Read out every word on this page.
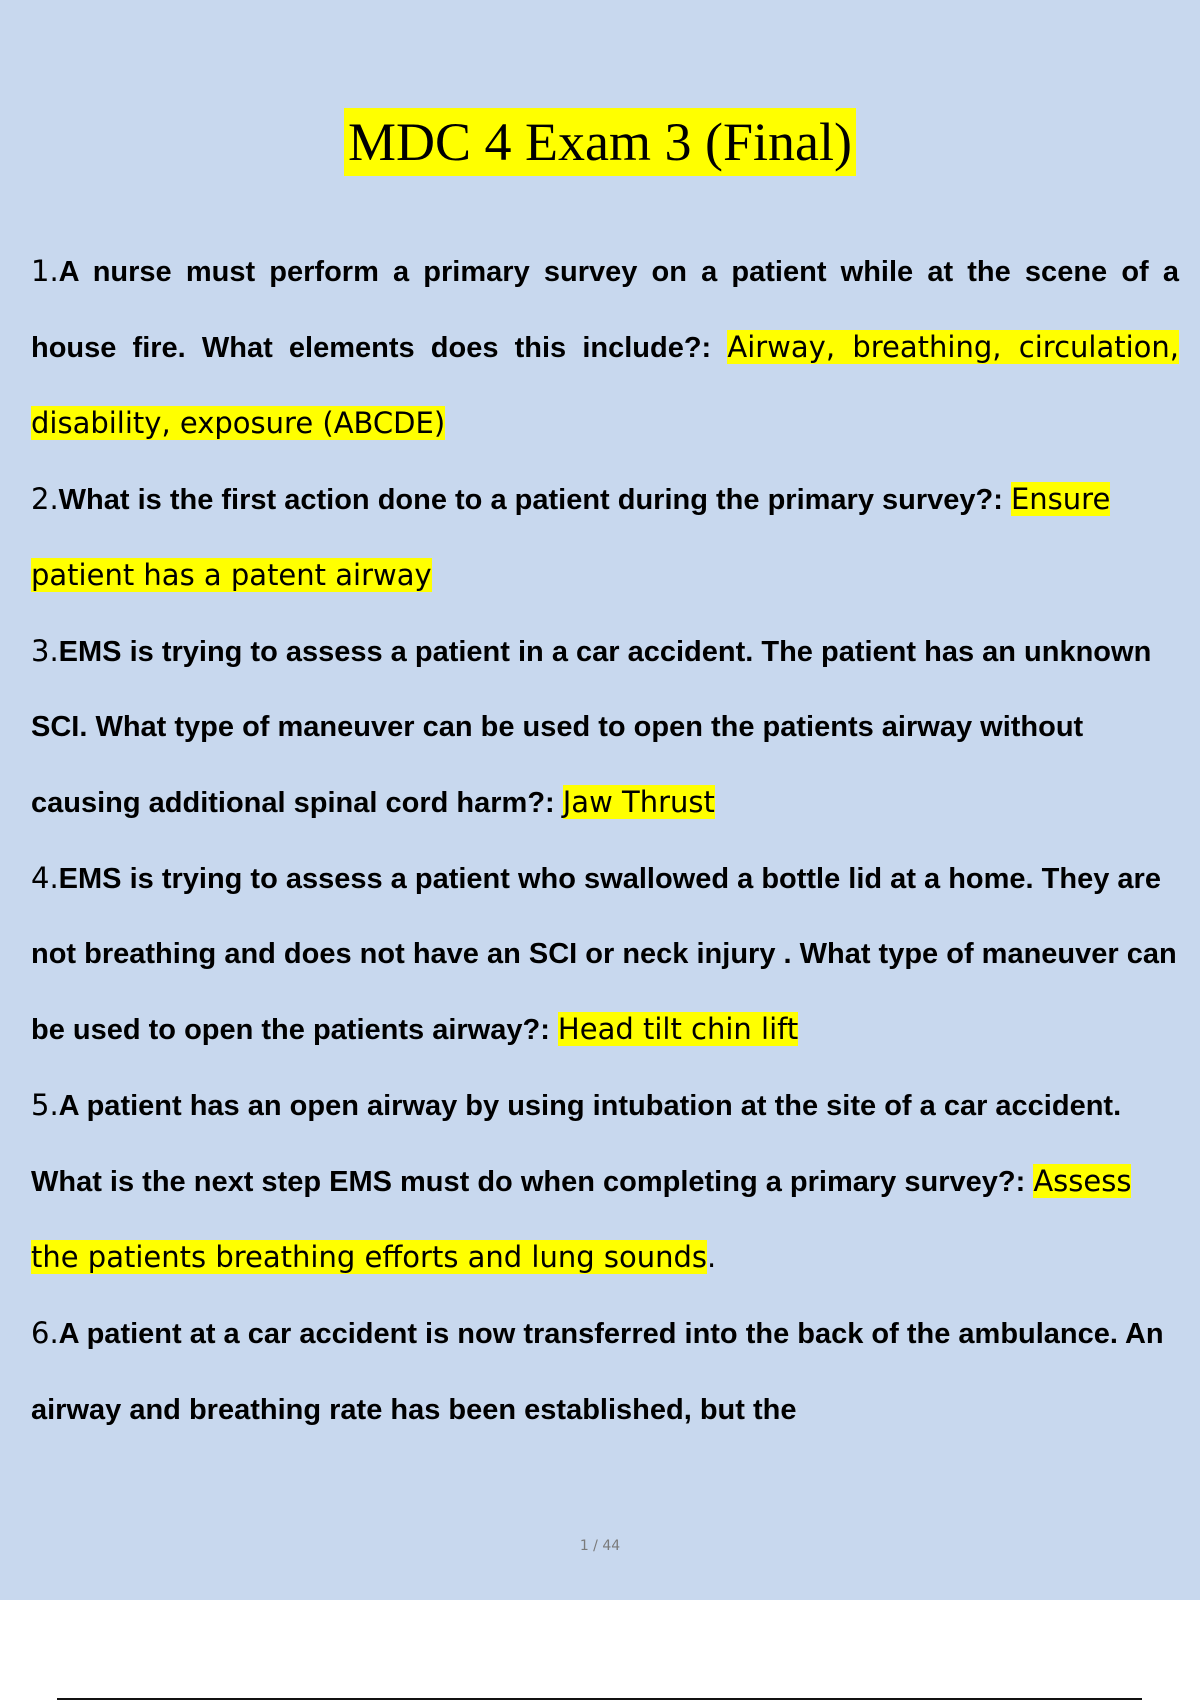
MDC 4 Exam 3 (Final)

1.A nurse must perform a primary survey on a patient while at the scene of a house fire. What elements does this include?: Airway, breathing, circulation, disability, exposure (ABCDE)

2.What is the first action done to a patient during the primary survey?: Ensure patient has a patent airway

3.EMS is trying to assess a patient in a car accident. The patient has an unknown SCI. What type of maneuver can be used to open the patients airway without causing additional spinal cord harm?: Jaw Thrust

4.EMS is trying to assess a patient who swallowed a bottle lid at a home. They are not breathing and does not have an SCI or neck injury . What type of maneuver can be used to open the patients airway?: Head tilt chin lift

5.A patient has an open airway by using intubation at the site of a car accident. What is the next step EMS must do when completing a primary survey?: Assess the patients breathing efforts and lung sounds.

6.A patient at a car accident is now transferred into the back of the ambulance. An airway and breathing rate has been established, but the

1 / 44
